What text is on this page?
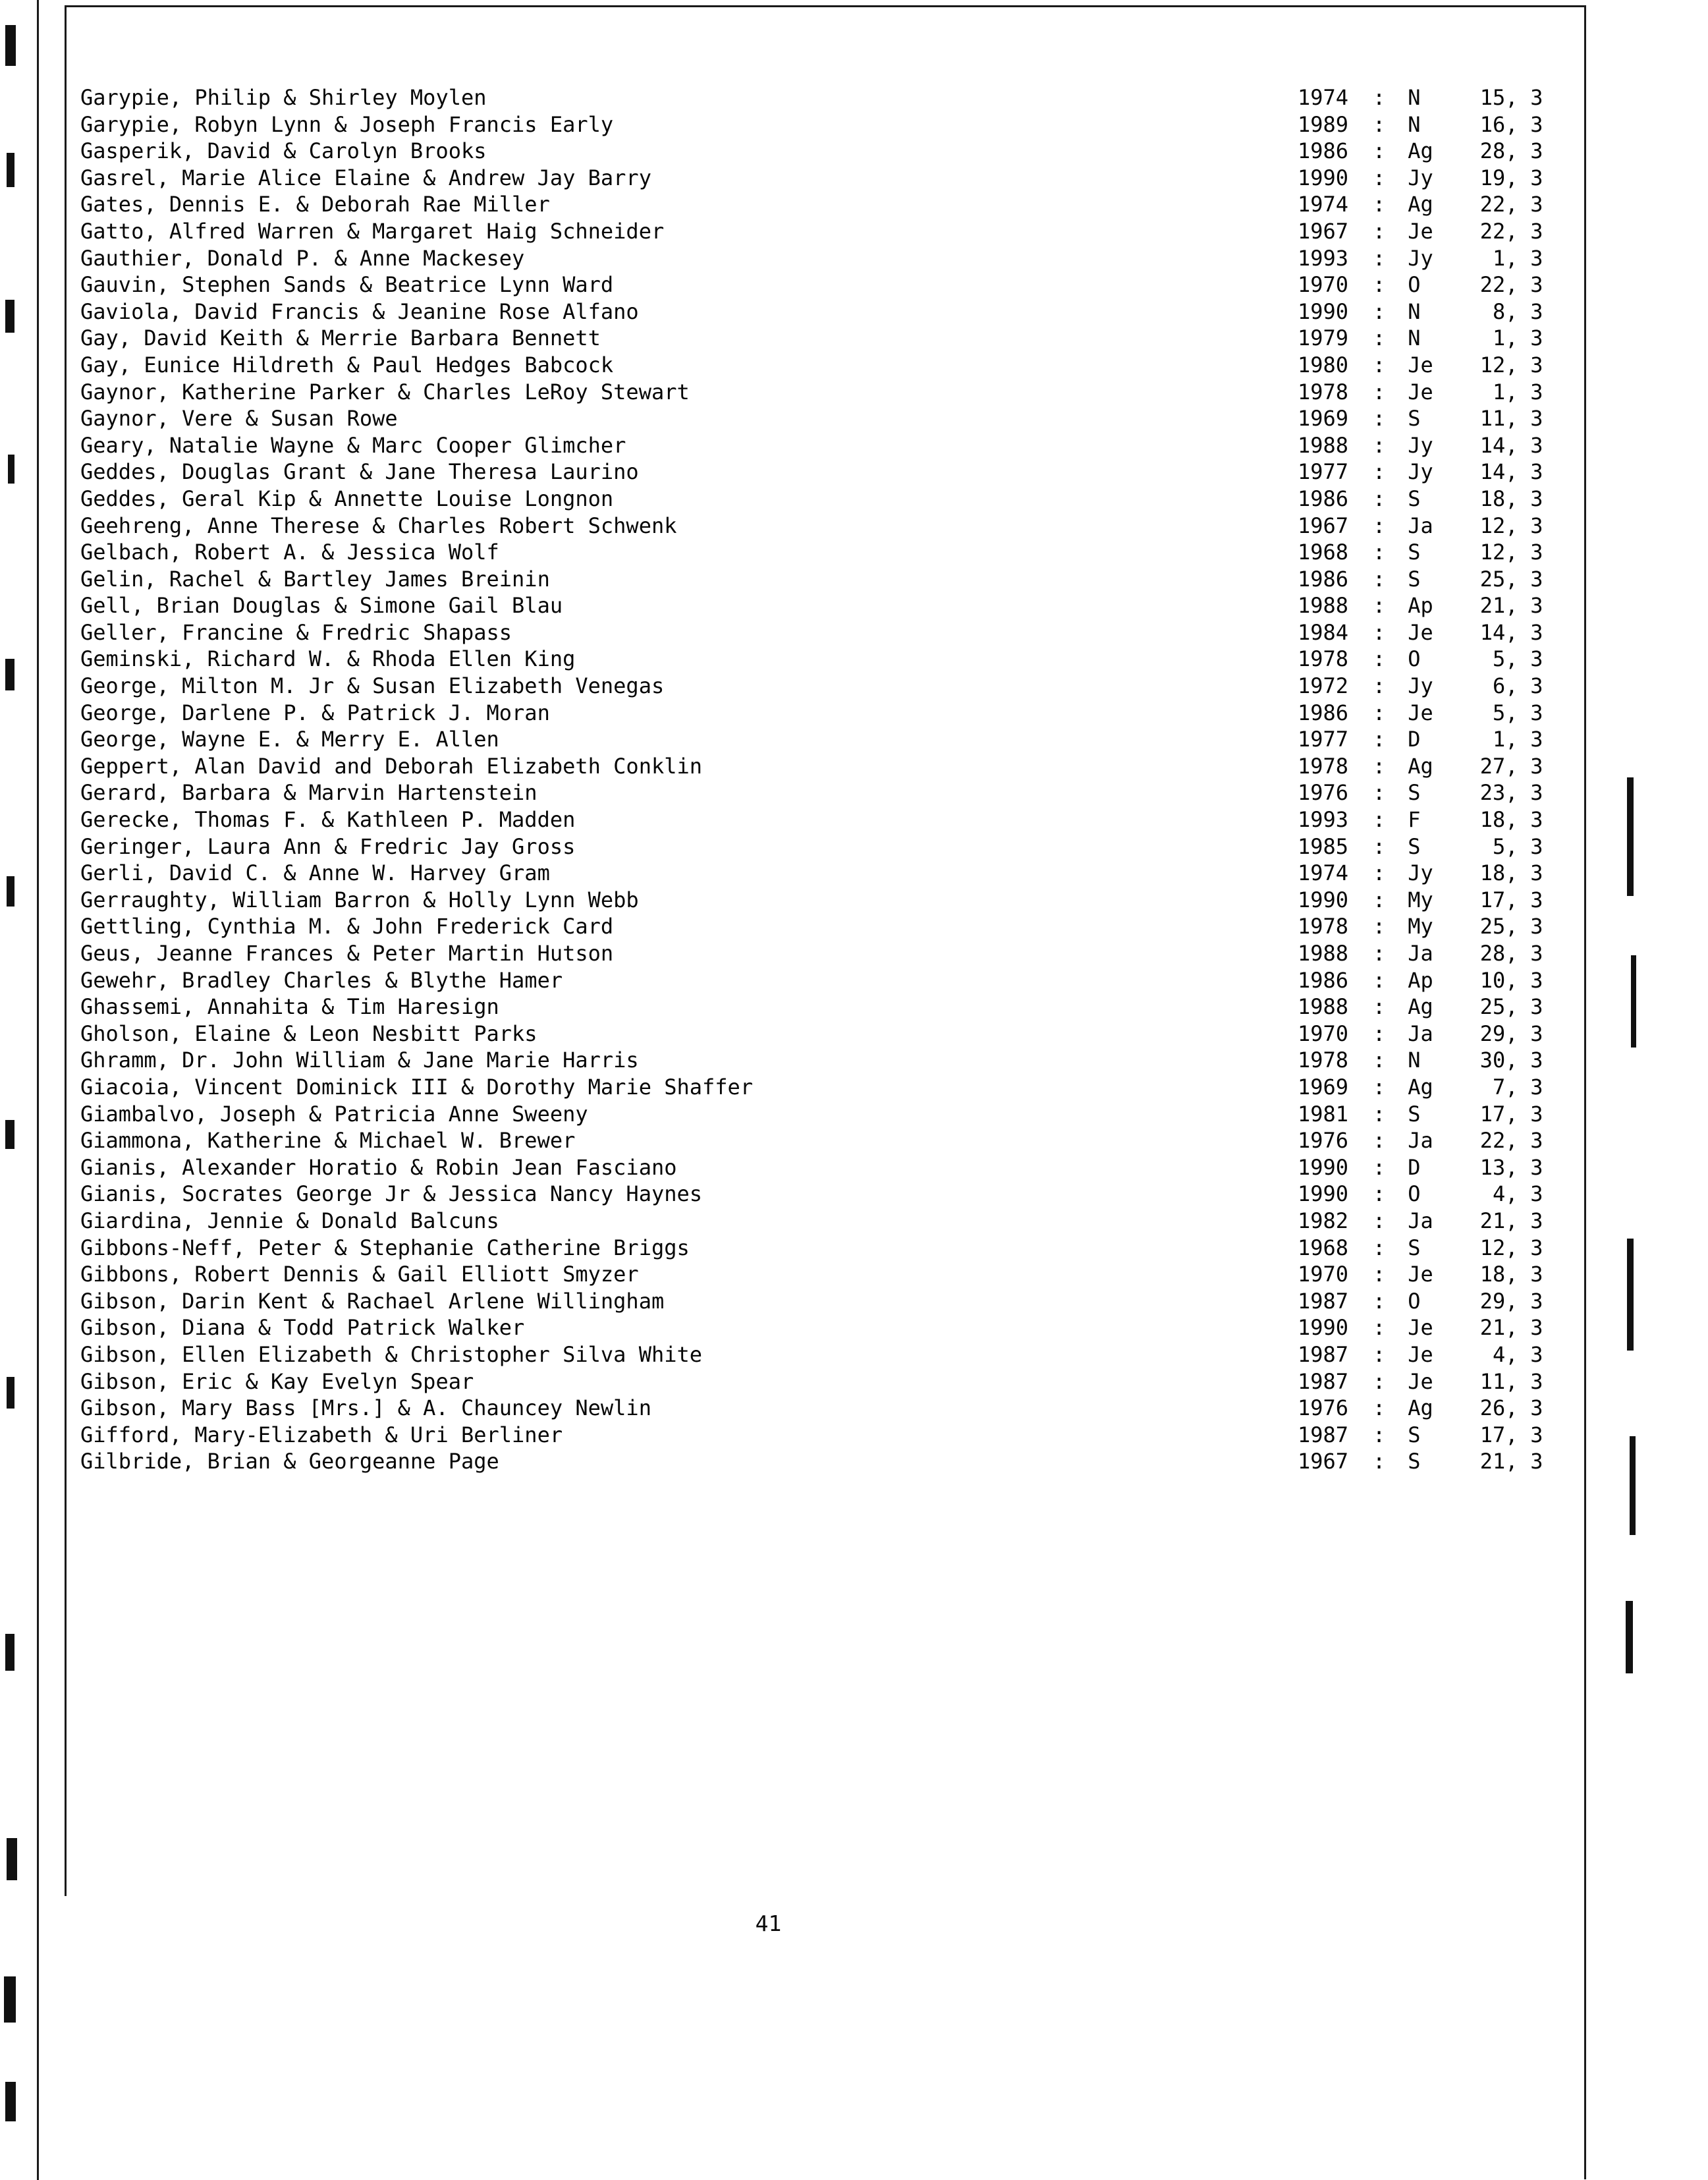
Garypie, Philip & Shirley Moylen	1974 : N	15, 3
Garypie, Robyn Lynn & Joseph Francis Early	1989 : N	16, 3
Gasperik, David & Carolyn Brooks	1986 : Ag 28, 3
Gasrel, Marie Alice Elaine & Andrew Jay Barry	1990 : Jy 19, 3
Gates, Dennis E. & Deborah Rae Miller	1974 : Ag 22, 3
Gatto, Alfred Warren & Margaret Haig Schneider	1967 : Je 22, 3
Gauthier, Donald P. & Anne Mackesey	1993 : Jy	1, 3
Gauvin, Stephen Sands & Beatrice Lynn Ward	1970 : O	22, 3
Gaviola, David Francis & Jeanine Rose Alfano	1990 : N	8, 3
Gay, David Keith & Merrie Barbara Bennett	1979 : N	1, 3
Gay, Eunice Hildreth & Paul Hedges Babcock	1980 : Je 12, 3
Gaynor, Katherine Parker & Charles LeRoy Stewart	1978 : Je	1, 3
Gaynor, Vere & Susan Rowe	1969 : S	11, 3
Geary, Natalie Wayne & Marc Cooper Glimcher	1988 : Jy 14, 3
Geddes, Douglas Grant & Jane Theresa Laurino	1977 : Jy 14, 3
Geddes, Geral Kip & Annette Louise Longnon	1986 : S	18, 3
Geehreng, Anne Therese & Charles Robert Schwenk	1967 : Ja 12, 3
Gelbach, Robert A. & Jessica Wolf	1968 : S	12, 3
Gelin, Rachel & Bartley James Breinin	1986 : S	25, 3
Gell, Brian Douglas & Simone Gail Blau	1988 : Ap 21, 3
Geller, Francine & Fredric Shapass	1984 : Je 14, 3
Geminski, Richard W. & Rhoda Ellen King	1978 : O	5, 3
George, Milton M. Jr & Susan Elizabeth Venegas	1972 : Jy	6, 3
George, Darlene P. & Patrick J. Moran	1986 : Je	5, 3
George, Wayne E. & Merry E. Allen	1977 : D	1, 3
Geppert, Alan David and Deborah Elizabeth Conklin	1978 : Ag 27, 3
Gerard, Barbara & Marvin Hartenstein	1976 : S	23, 3
Gerecke, Thomas F. & Kathleen P. Madden	1993 : F	18, 3
Geringer, Laura Ann & Fredric Jay Gross	1985 : S	5, 3
Gerli, David C. & Anne W. Harvey Gram	1974 : Jy 18, 3
Gerraughty, William Barron & Holly Lynn Webb	1990 : My 17, 3
Gettling, Cynthia M. & John Frederick Card	1978 : My 25, 3
Geus, Jeanne Frances & Peter Martin Hutson	1988 : Ja 28, 3
Gewehr, Bradley Charles & Blythe Hamer	1986 : Ap 10, 3
Ghassemi, Annahita & Tim Haresign	1988 : Ag 25, 3
Gholson, Elaine & Leon Nesbitt Parks	1970 : Ja 29, 3
Ghramm, Dr. John William & Jane Marie Harris	1978 : N	30, 3
Giacoia, Vincent Dominick III & Dorothy Marie Shaffer	1969 : Ag	7, 3
Giambalvo, Joseph & Patricia Anne Sweeny	1981 : S	17, 3
Giammona, Katherine & Michael W. Brewer	1976 : Ja 22, 3
Gianis, Alexander Horatio & Robin Jean Fasciano	1990 : D	13, 3
Gianis, Socrates George Jr & Jessica Nancy Haynes	1990 : O	4, 3
Giardina, Jennie & Donald Balcuns	1982 : Ja 21, 3
Gibbons-Neff, Peter & Stephanie Catherine Briggs	1968 : S	12, 3
Gibbons, Robert Dennis & Gail Elliott Smyzer	1970 : Je 18, 3
Gibson, Darin Kent & Rachael Arlene Willingham	1987 : O	29, 3
Gibson, Diana & Todd Patrick Walker	1990 : Je 21, 3
Gibson, Ellen Elizabeth & Christopher Silva White	1987 : Je	4, 3
Gibson, Eric & Kay Evelyn Spear	1987 : Je 11, 3
Gibson, Mary Bass [Mrs.] & A. Chauncey Newlin	1976 : Ag 26, 3
Gifford, Mary-Elizabeth & Uri Berliner	1987 : S	17, 3
Gilbride, Brian & Georgeanne Page	1967 : S	21, 3
41
